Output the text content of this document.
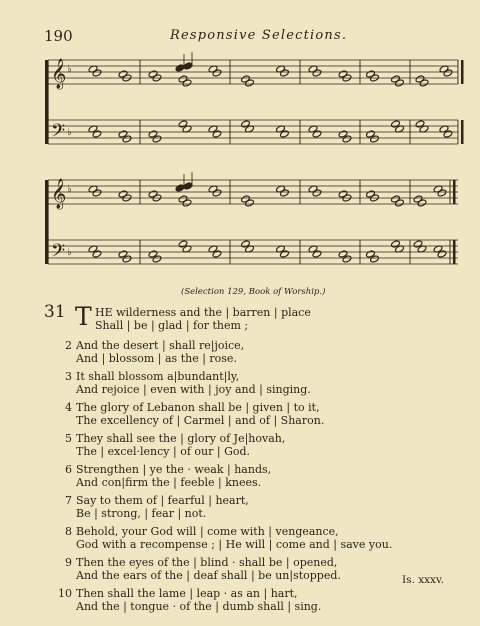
190	Responsive Selections.
𝄞
𝄢
♭
♭
𝄞
𝄢
♭
♭
(Selection 129, Book of Worship.)
31 T HE wilderness and the | barren | place
Shall | be | glad | for them ;
2 And the desert | shall re|joice,
And | blossom | as the | rose.
3 It shall blossom a|bundant|ly,
And rejoice | even with | joy and | singing.
4 The glory of Lebanon shall be | given | to it,
The excellency of | Carmel | and of | Sharon.
5 They shall see the | glory of Je|hovah,
The | excel·lency | of our | God.
6 Strengthen | ye the · weak | hands,
And con|firm the | feeble | knees.
7 Say to them of | fearful | heart,
Be | strong, | fear | not.
8 Behold, your God will | come with | vengeance,
God with a recompense ; | He will | come and | save you.
9 Then the eyes of the | blind · shall be | opened,
And the ears of the | deaf shall | be un|stopped.
10 Then shall the lame | leap · as an | hart,
And the | tongue · of the | dumb shall | sing.
Is. xxxv.
